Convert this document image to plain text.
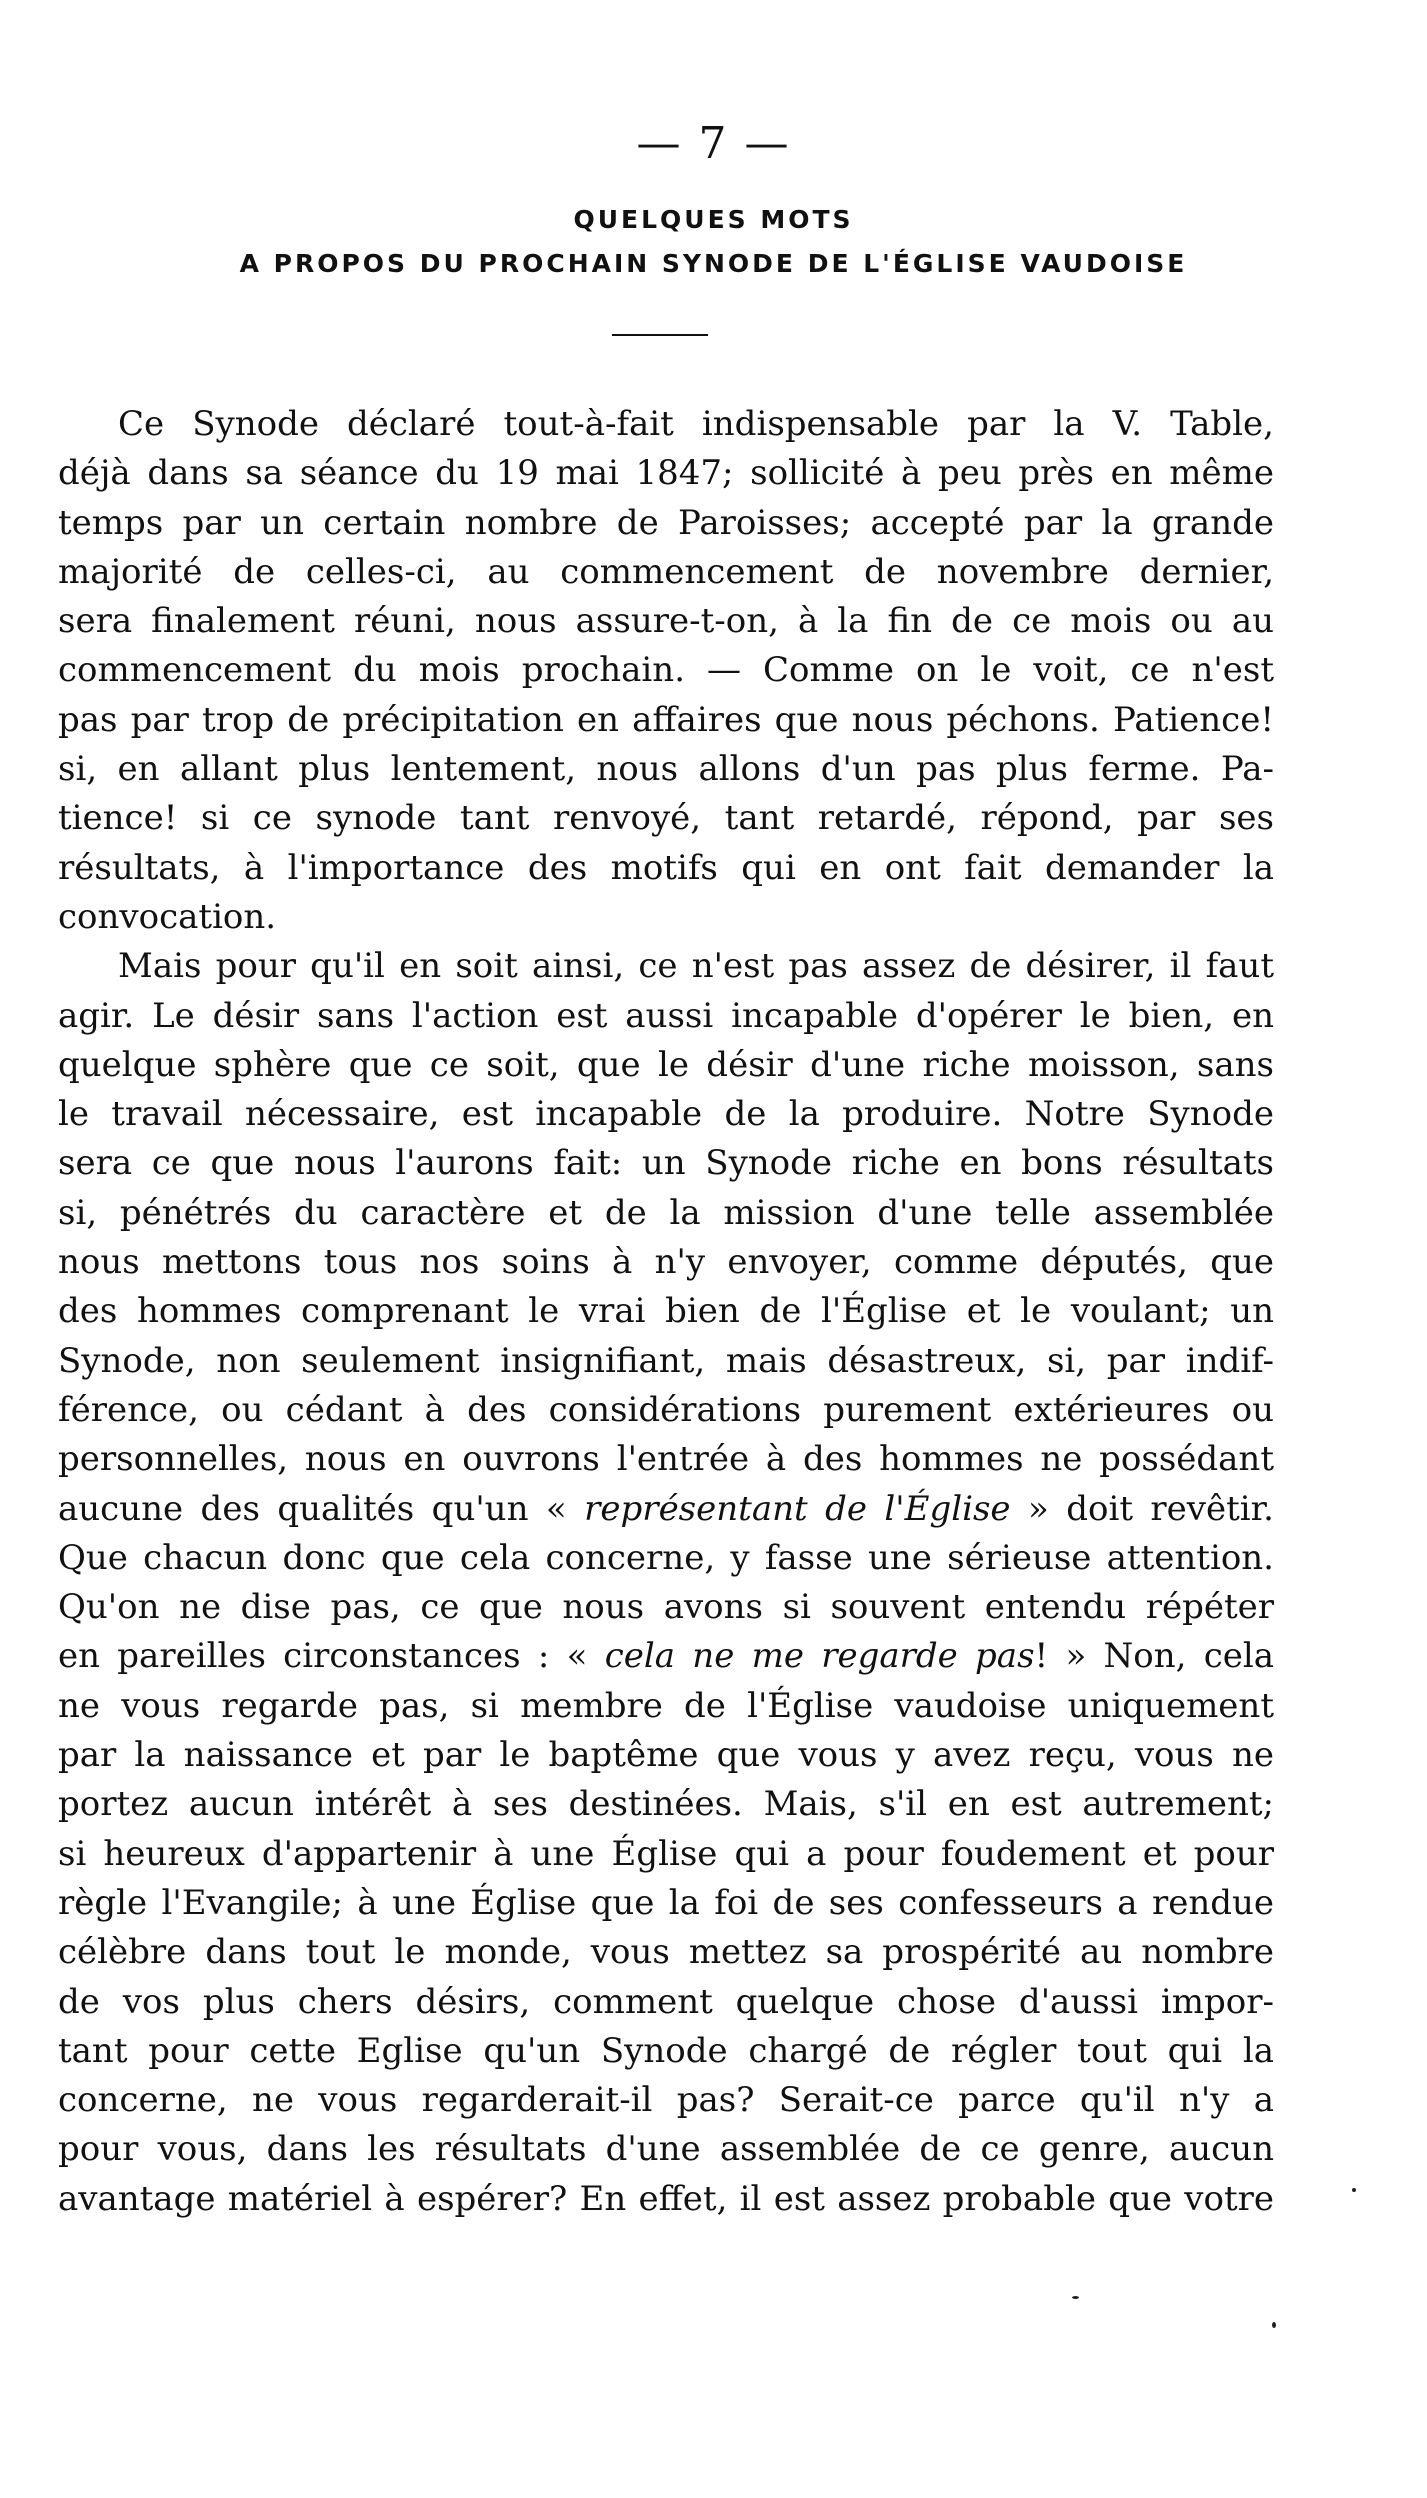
— 7 —
QUELQUES MOTS
A PROPOS DU PROCHAIN SYNODE DE L'ÉGLISE VAUDOISE
Ce Synode déclaré tout-à-fait indispensable par la V. Table,
déjà dans sa séance du 19 mai 1847; sollicité à peu près en même
temps par un certain nombre de Paroisses; accepté par la grande
majorité de celles-ci, au commencement de novembre dernier,
sera finalement réuni, nous assure-t-on, à la fin de ce mois ou au
commencement du mois prochain. — Comme on le voit, ce n'est
pas par trop de précipitation en affaires que nous péchons. Patience!
si, en allant plus lentement, nous allons d'un pas plus ferme. Pa-
tience! si ce synode tant renvoyé, tant retardé, répond, par ses
résultats, à l'importance des motifs qui en ont fait demander la
convocation.
Mais pour qu'il en soit ainsi, ce n'est pas assez de désirer, il faut
agir. Le désir sans l'action est aussi incapable d'opérer le bien, en
quelque sphère que ce soit, que le désir d'une riche moisson, sans
le travail nécessaire, est incapable de la produire. Notre Synode
sera ce que nous l'aurons fait: un Synode riche en bons résultats
si, pénétrés du caractère et de la mission d'une telle assemblée
nous mettons tous nos soins à n'y envoyer, comme députés, que
des hommes comprenant le vrai bien de l'Église et le voulant; un
Synode, non seulement insignifiant, mais désastreux, si, par indif-
férence, ou cédant à des considérations purement extérieures ou
personnelles, nous en ouvrons l'entrée à des hommes ne possédant
aucune des qualités qu'un « représentant de l'Église » doit revêtir.
Que chacun donc que cela concerne, y fasse une sérieuse attention.
Qu'on ne dise pas, ce que nous avons si souvent entendu répéter
en pareilles circonstances : « cela ne me regarde pas! » Non, cela
ne vous regarde pas, si membre de l'Église vaudoise uniquement
par la naissance et par le baptême que vous y avez reçu, vous ne
portez aucun intérêt à ses destinées. Mais, s'il en est autrement;
si heureux d'appartenir à une Église qui a pour foudement et pour
règle l'Evangile; à une Église que la foi de ses confesseurs a rendue
célèbre dans tout le monde, vous mettez sa prospérité au nombre
de vos plus chers désirs, comment quelque chose d'aussi impor-
tant pour cette Eglise qu'un Synode chargé de régler tout qui la
concerne, ne vous regarderait-il pas? Serait-ce parce qu'il n'y a
pour vous, dans les résultats d'une assemblée de ce genre, aucun
avantage matériel à espérer? En effet, il est assez probable que votre
